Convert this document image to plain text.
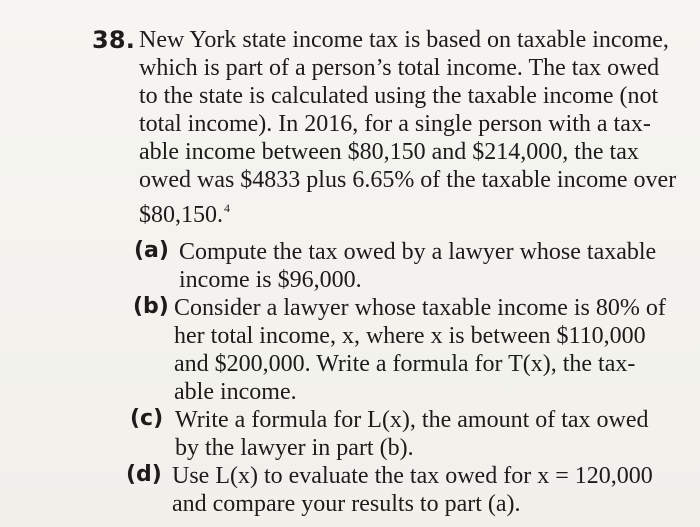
38. New York state income tax is based on taxable income,
which is part of a person’s total income. The tax owed
to the state is calculated using the taxable income (not
total income). In 2016, for a single person with a tax-
able income between $80,150 and $214,000, the tax
owed was $4833 plus 6.65% of the taxable income over
$80,150.$^4$
(a) Compute the tax owed by a lawyer whose taxable
income is $96,000.
(b) Consider a lawyer whose taxable income is 80% of
her total income, x, where x is between $110,000
and $200,000. Write a formula for T(x), the tax-
able income.
(c) Write a formula for L(x), the amount of tax owed
by the lawyer in part (b).
(d) Use L(x) to evaluate the tax owed for x = 120,000
and compare your results to part (a).
